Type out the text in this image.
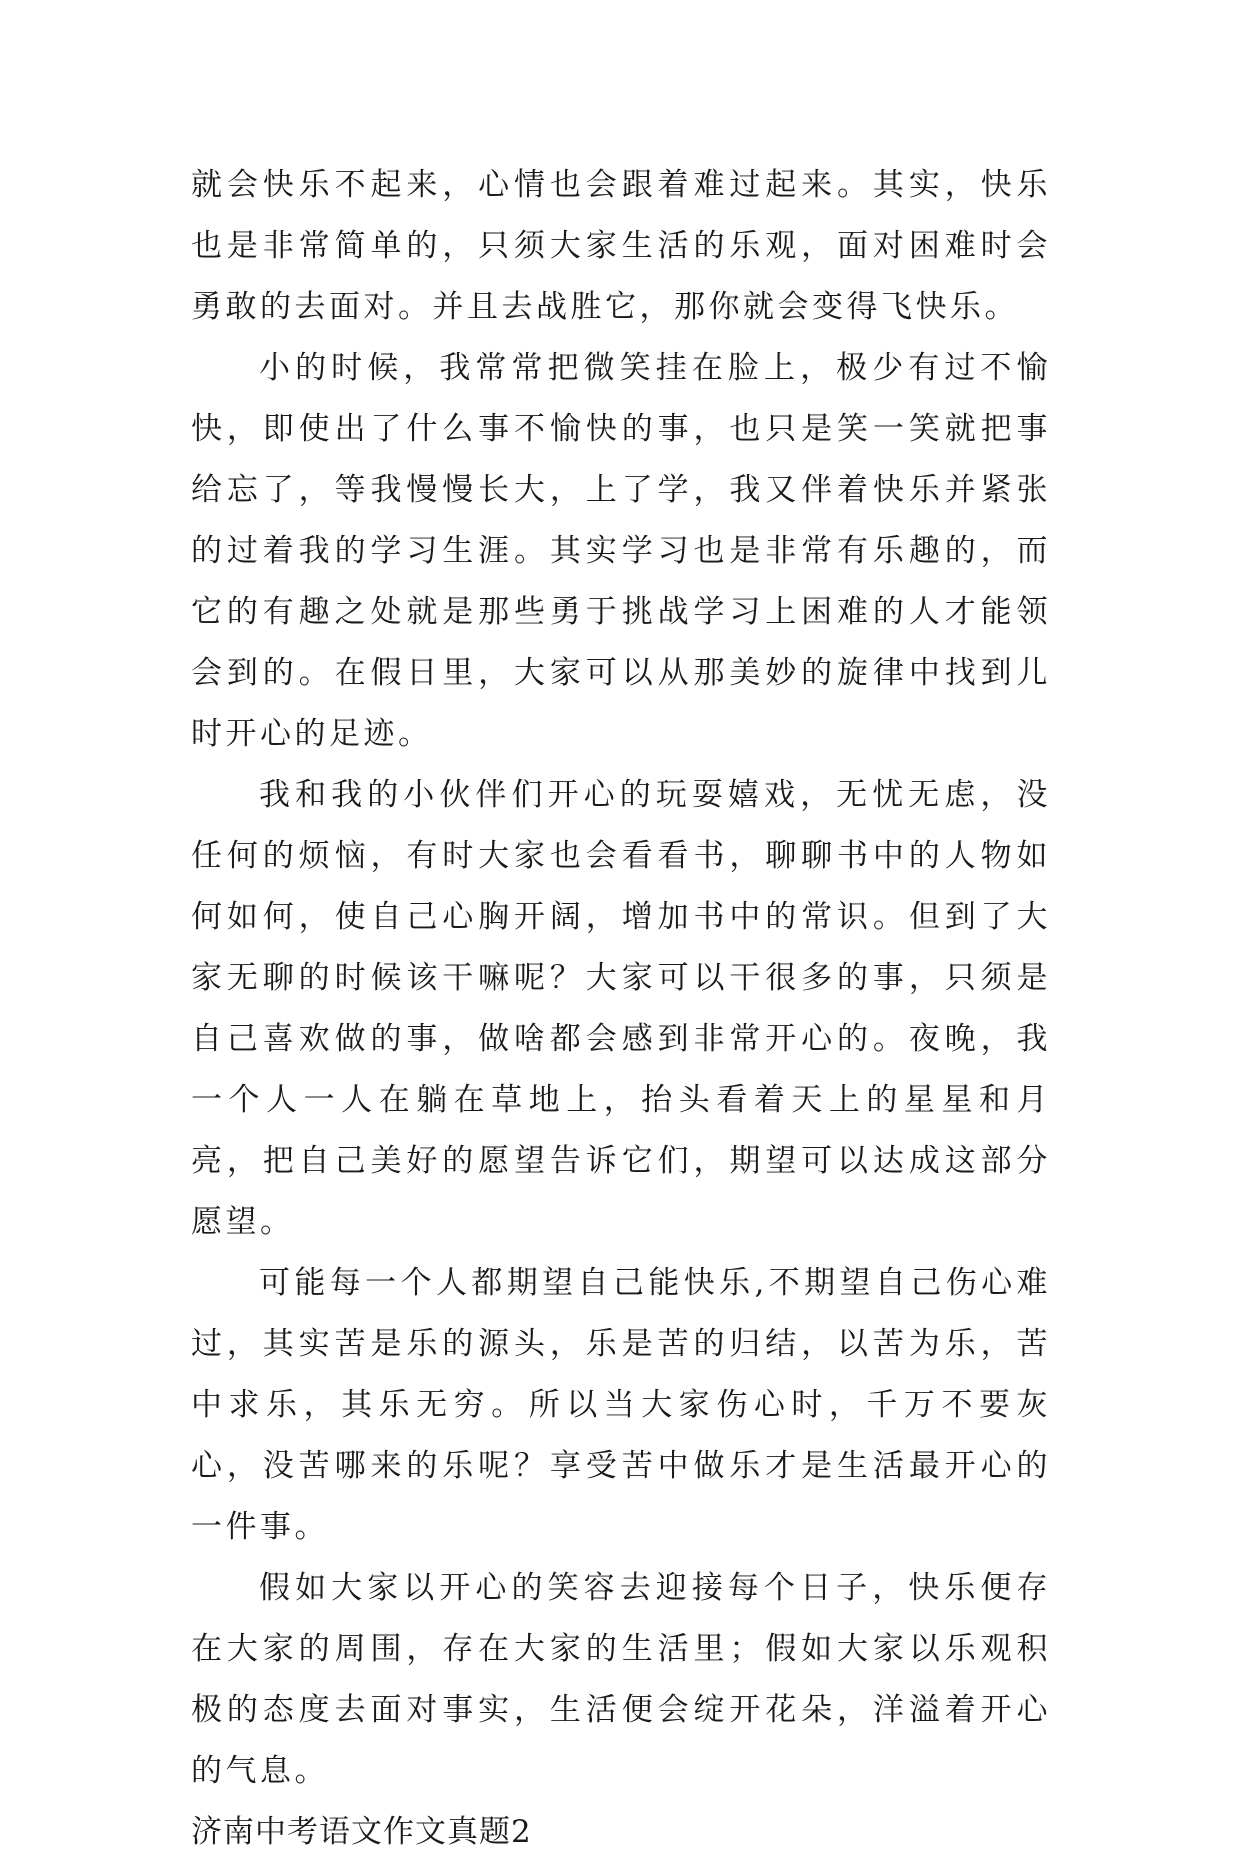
就会快乐不起来，心情也会跟着难过起来。其实，快乐也是非常简单的，只须大家生活的乐观，面对困难时会勇敢的去面对。并且去战胜它，那你就会变得飞快乐。

小的时候，我常常把微笑挂在脸上，极少有过不愉快，即使出了什么事不愉快的事，也只是笑一笑就把事给忘了，等我慢慢长大，上了学，我又伴着快乐并紧张的过着我的学习生涯。其实学习也是非常有乐趣的，而它的有趣之处就是那些勇于挑战学习上困难的人才能领会到的。在假日里，大家可以从那美妙的旋律中找到儿时开心的足迹。

我和我的小伙伴们开心的玩耍嬉戏，无忧无虑，没任何的烦恼，有时大家也会看看书，聊聊书中的人物如何如何，使自己心胸开阔，增加书中的常识。但到了大家无聊的时候该干嘛呢？大家可以干很多的事，只须是自己喜欢做的事，做啥都会感到非常开心的。夜晚，我一个人一人在躺在草地上，抬头看着天上的星星和月亮，把自己美好的愿望告诉它们，期望可以达成这部分愿望。

可能每一个人都期望自己能快乐,不期望自己伤心难过，其实苦是乐的源头，乐是苦的归结，以苦为乐，苦中求乐，其乐无穷。所以当大家伤心时，千万不要灰心，没苦哪来的乐呢？享受苦中做乐才是生活最开心的一件事。

假如大家以开心的笑容去迎接每个日子，快乐便存在大家的周围，存在大家的生活里；假如大家以乐观积极的态度去面对事实，生活便会绽开花朵，洋溢着开心的气息。

济南中考语文作文真题2
